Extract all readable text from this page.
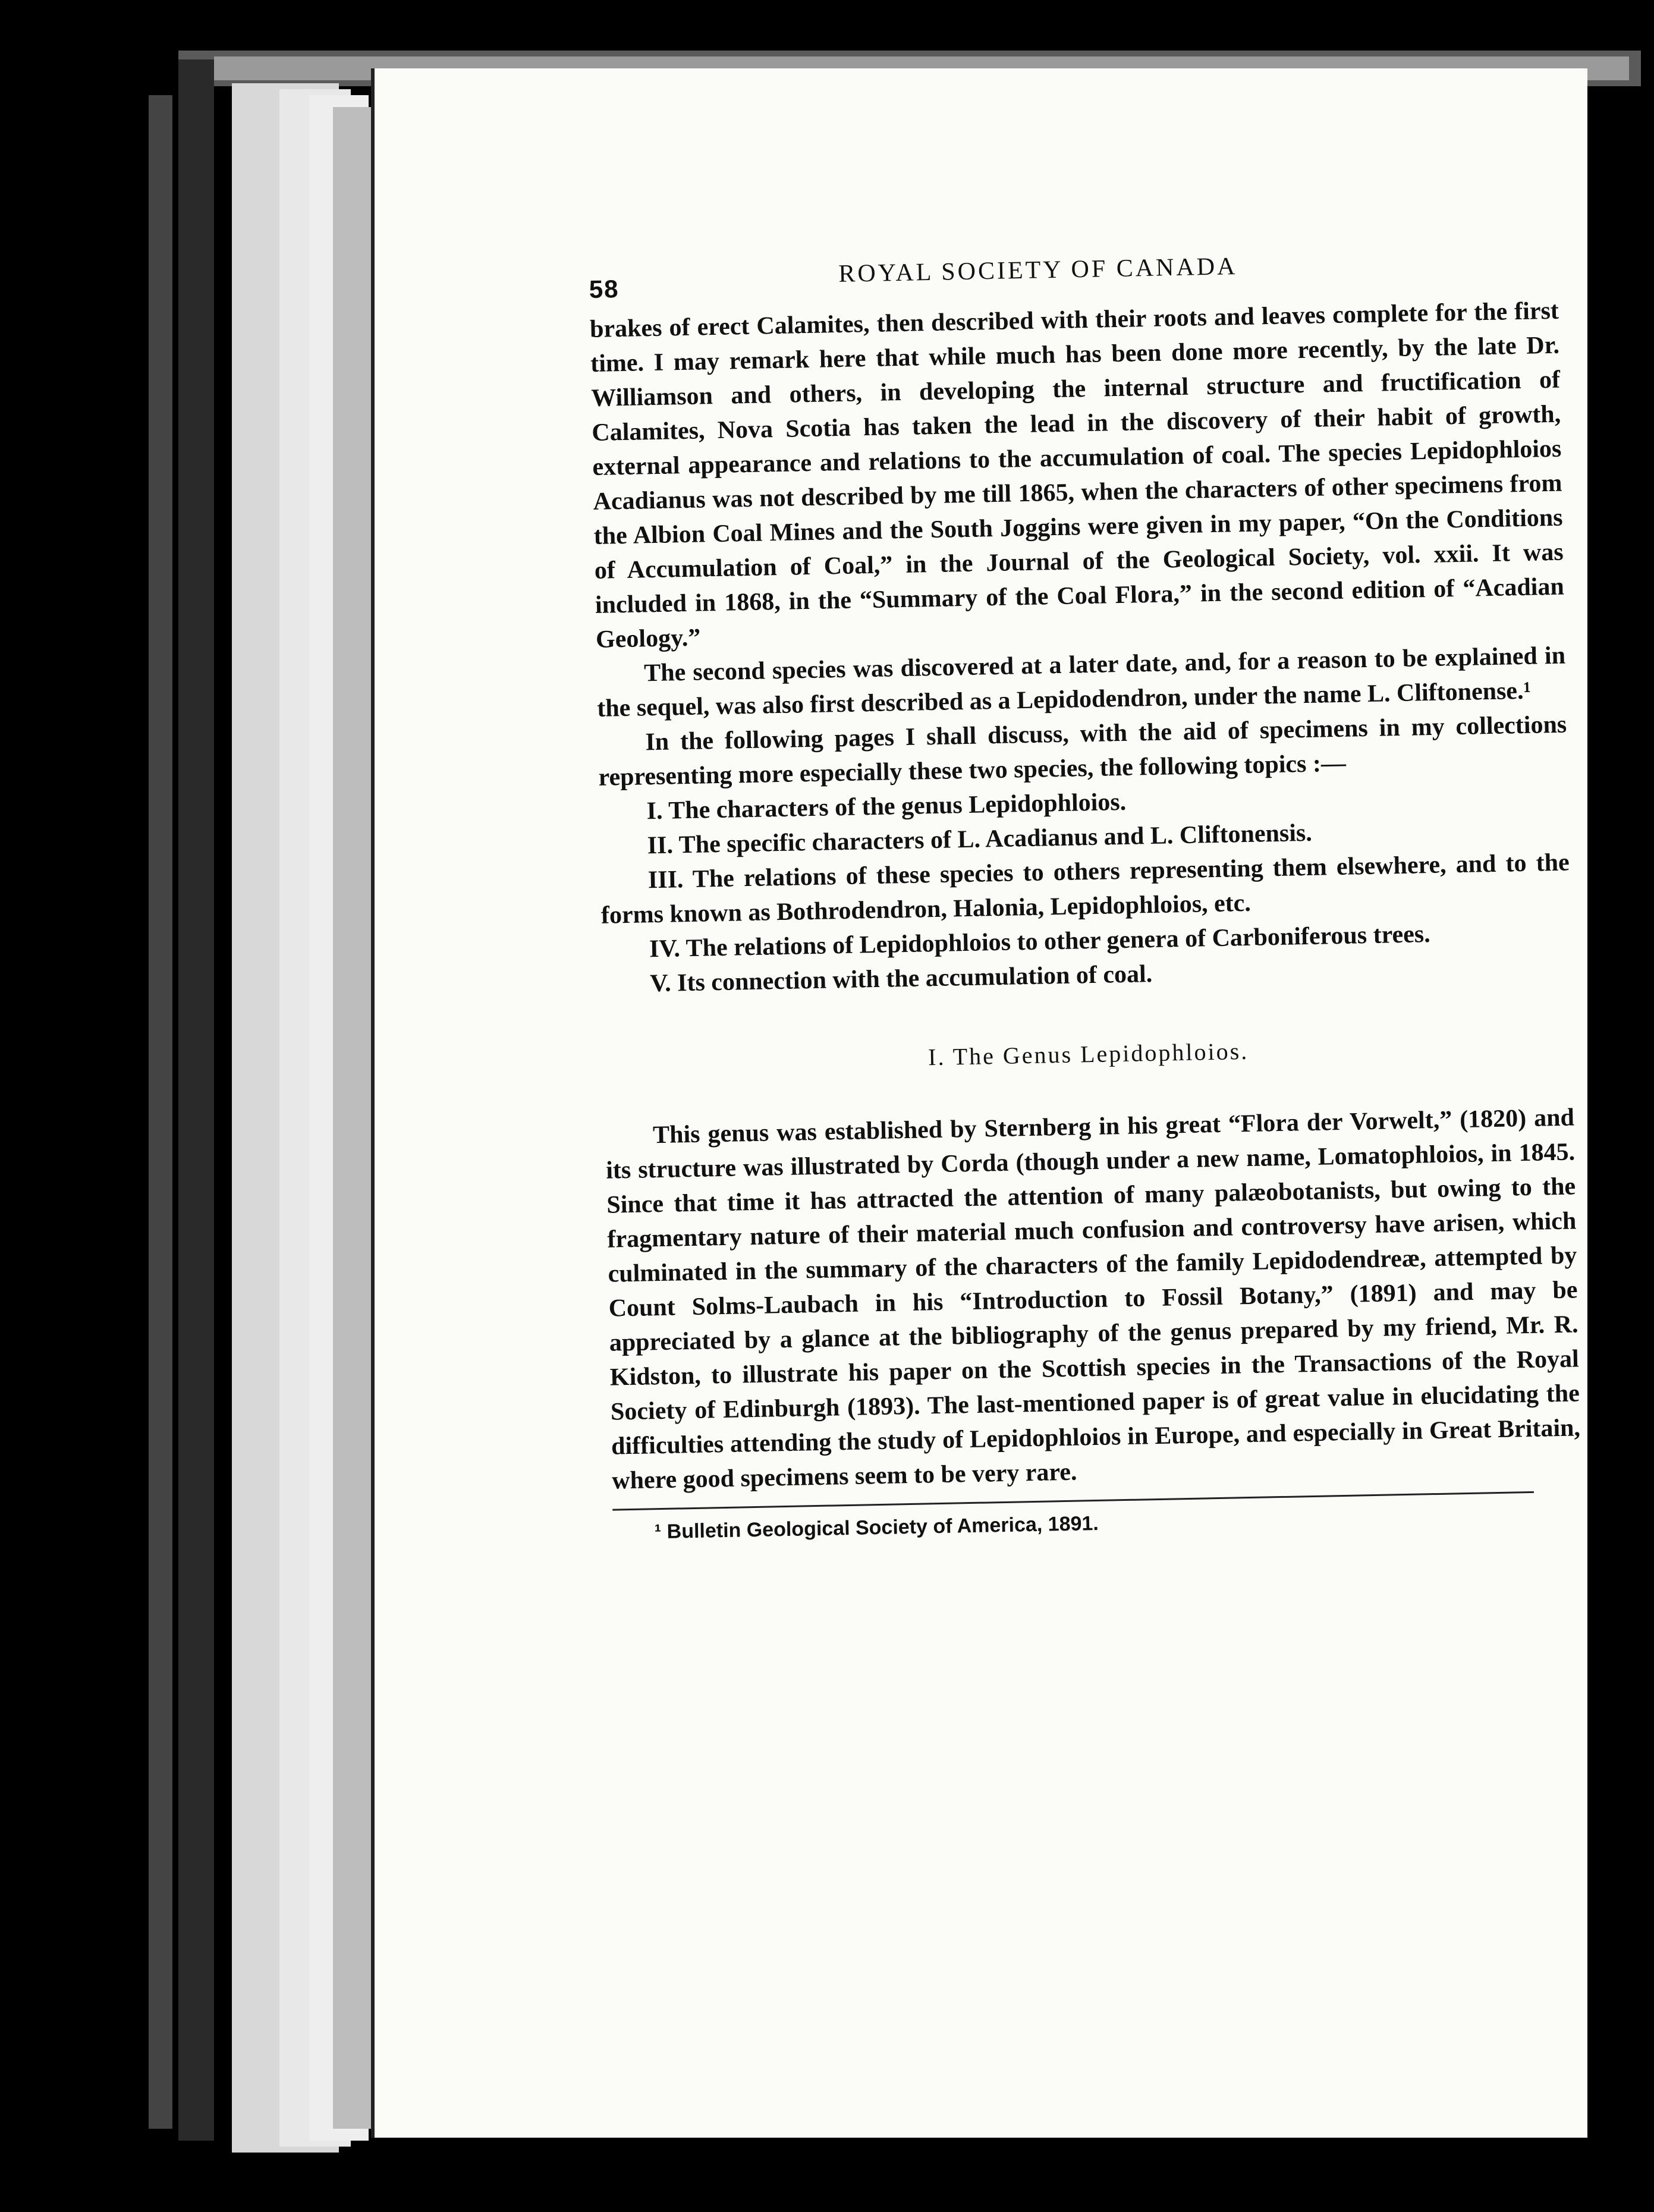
58
ROYAL SOCIETY OF CANADA

brakes of erect Calamites, then described with their roots and leaves complete for the first time. I may remark here that while much has been done more recently, by the late Dr. Williamson and others, in developing the internal structure and fructification of Calamites, Nova Scotia has taken the lead in the discovery of their habit of growth, external appearance and relations to the accumulation of coal. The species Lepidophloios Acadianus was not described by me till 1865, when the characters of other specimens from the Albion Coal Mines and the South Joggins were given in my paper, “On the Conditions of Accumulation of Coal,” in the Journal of the Geological Society, vol. xxii. It was included in 1868, in the “Summary of the Coal Flora,” in the second edition of “Acadian Geology.”

The second species was discovered at a later date, and, for a reason to be explained in the sequel, was also first described as a Lepidodendron, under the name L. Cliftonense.¹

In the following pages I shall discuss, with the aid of specimens in my collections representing more especially these two species, the following topics :—

I. The characters of the genus Lepidophloios.
II. The specific characters of L. Acadianus and L. Cliftonensis.
III. The relations of these species to others representing them elsewhere, and to the forms known as Bothrodendron, Halonia, Lepidophloios, etc.
IV. The relations of Lepidophloios to other genera of Carboniferous trees.
V. Its connection with the accumulation of coal.
I. The Genus Lepidophloios.

This genus was established by Sternberg in his great “Flora der Vorwelt,” (1820) and its structure was illustrated by Corda (though under a new name, Lomatophloios, in 1845. Since that time it has attracted the attention of many palæobotanists, but owing to the fragmentary nature of their material much confusion and controversy have arisen, which culminated in the summary of the characters of the family Lepidodendreæ, attempted by Count Solms-Laubach in his “Introduction to Fossil Botany,” (1891) and may be appreciated by a glance at the bibliography of the genus prepared by my friend, Mr. R. Kidston, to illustrate his paper on the Scottish species in the Transactions of the Royal Society of Edinburgh (1893). The last-mentioned paper is of great value in elucidating the difficulties attending the study of Lepidophloios in Europe, and especially in Great Britain, where good specimens seem to be very rare.

¹ Bulletin Geological Society of America, 1891.
